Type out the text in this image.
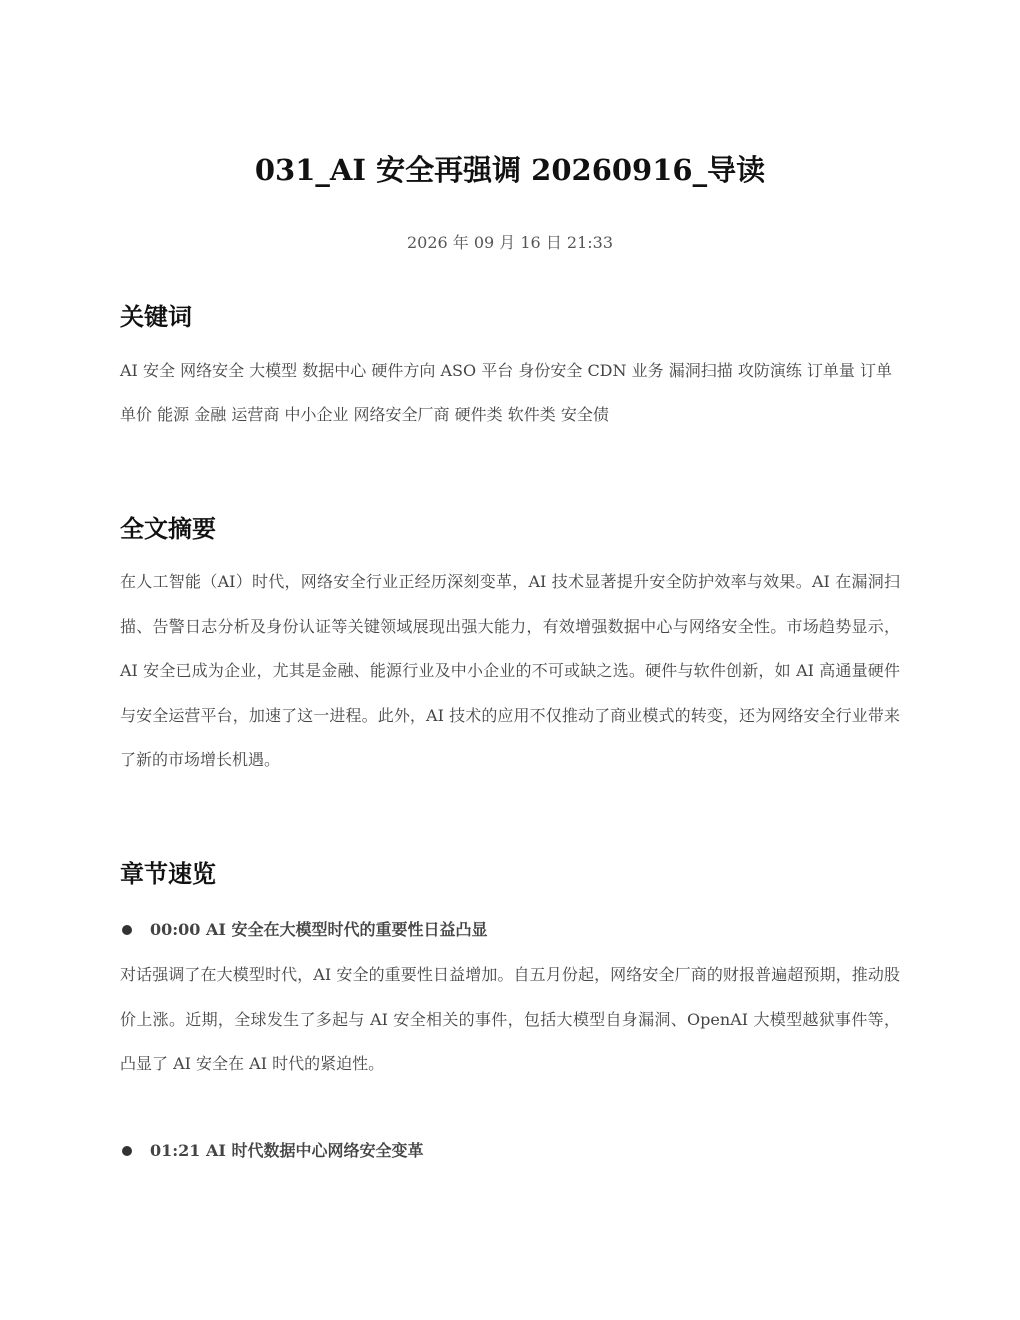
031_AI 安全再强调 20260916_导读
2026 年 09 月 16 日 21:33
关键词
AI 安全 网络安全 大模型 数据中心 硬件方向 ASO 平台 身份安全 CDN 业务 漏洞扫描 攻防演练 订单量 订单单价 能源 金融 运营商 中小企业 网络安全厂商 硬件类 软件类 安全债
全文摘要

在人工智能（AI）时代，网络安全行业正经历深刻变革，AI 技术显著提升安全防护效率与效果。AI 在漏洞扫描、告警日志分析及身份认证等关键领域展现出强大能力，有效增强数据中心与网络安全性。市场趋势显示，AI 安全已成为企业，尤其是金融、能源行业及中小企业的不可或缺之选。硬件与软件创新，如 AI 高通量硬件与安全运营平台，加速了这一进程。此外，AI 技术的应用不仅推动了商业模式的转变，还为网络安全行业带来了新的市场增长机遇。

章节速览
00:00 AI 安全在大模型时代的重要性日益凸显

对话强调了在大模型时代，AI 安全的重要性日益增加。自五月份起，网络安全厂商的财报普遍超预期，推动股价上涨。近期，全球发生了多起与 AI 安全相关的事件，包括大模型自身漏洞、OpenAI 大模型越狱事件等，凸显了 AI 安全在 AI 时代的紧迫性。

01:21 AI 时代数据中心网络安全变革
